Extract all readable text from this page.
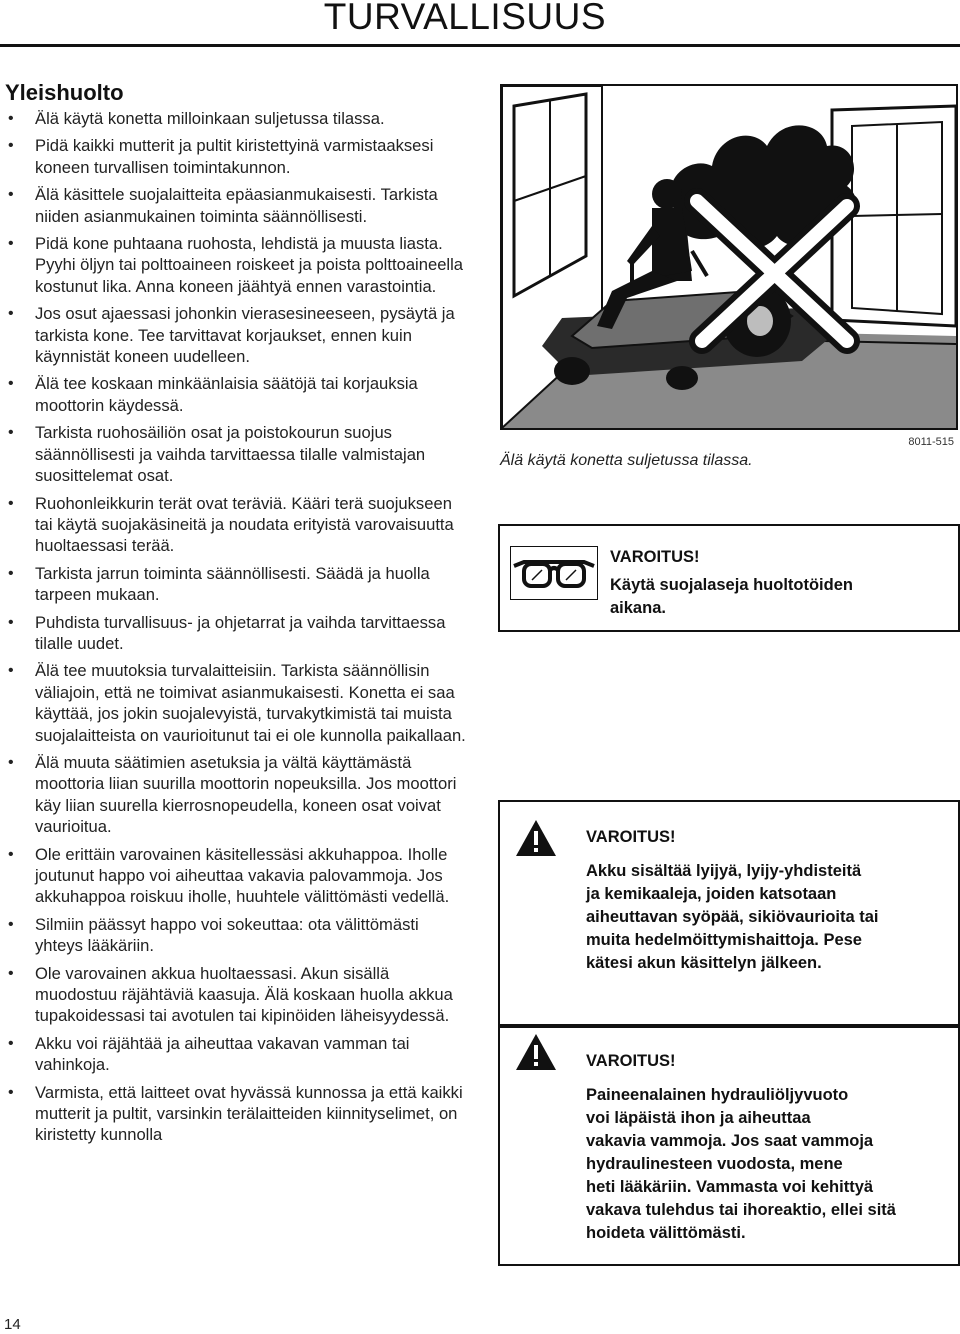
TURVALLISUUS
Yleishuolto
• Älä käytä konetta milloinkaan suljetussa tilassa.
• Pidä kaikki mutterit ja pultit kiristettyinä varmistaaksesi koneen turvallisen toimintakunnon.
• Älä käsittele suojalaitteita epäasianmukaisesti. Tarkista niiden asianmukainen toiminta säännöllisesti.
• Pidä kone puhtaana ruohosta, lehdistä ja muusta liasta. Pyyhi öljyn tai polttoaineen roiskeet ja poista polttoaineella kostunut lika. Anna koneen jäähtyä ennen varastointia.
• Jos osut ajaessasi johonkin vierasesineeseen, pysäytä ja tarkista kone. Tee tarvittavat korjaukset, ennen kuin käynnistät koneen uudelleen.
• Älä tee koskaan minkäänlaisia säätöjä tai korjauksia moottorin käydessä.
• Tarkista ruohosäiliön osat ja poistokourun suojus säännöllisesti ja vaihda tarvittaessa tilalle valmistajan suosittelemat osat.
• Ruohonleikkurin terät ovat teräviä. Kääri terä suojukseen tai käytä suojakäsineitä ja noudata erityistä varovaisuutta huoltaessasi terää.
• Tarkista jarrun toiminta säännöllisesti. Säädä ja huolla tarpeen mukaan.
• Puhdista turvallisuus- ja ohjetarrat ja vaihda tarvittaessa tilalle uudet.
• Älä tee muutoksia turvalaitteisiin. Tarkista säännöllisin väliajoin, että ne toimivat asianmukaisesti. Konetta ei saa käyttää, jos jokin suojalevyistä, turvakytkimistä tai muista suojalaitteista on vaurioitunut tai ei ole kunnolla paikallaan.
• Älä muuta säätimien asetuksia ja vältä käyttämästä moottoria liian suurilla moottorin nopeuksilla. Jos moottori käy liian suurella kierrosnopeudella, koneen osat voivat vaurioitua.
• Ole erittäin varovainen käsitellessäsi akkuhappoa. Iholle joutunut happo voi aiheuttaa vakavia palovammoja. Jos akkuhappoa roiskuu iholle, huuhtele välittömästi vedellä.
• Silmiin päässyt happo voi sokeuttaa: ota välittömästi yhteys lääkäriin.
• Ole varovainen akkua huoltaessasi. Akun sisällä muodostuu räjähtäviä kaasuja. Älä koskaan huolla akkua tupakoidessasi tai avotulen tai kipinöiden läheisyydessä.
• Akku voi räjähtää ja aiheuttaa vakavan vamman tai vahinkoja.
• Varmista, että laitteet ovat hyvässä kunnossa ja että kaikki mutterit ja pultit, varsinkin terälaitteiden kiinnityselimet, on kiristetty kunnolla
Älä käytä konetta suljetussa tilassa.
8011-515
VAROITUS!
Käytä suojalaseja huoltotöiden
aikana.
VAROITUS!
Akku sisältää lyijyä, lyijy-yhdisteitä
ja kemikaaleja, joiden katsotaan
aiheuttavan syöpää, sikiövaurioita tai
muita hedelmöittymishaittoja. Pese
kätesi akun käsittelyn jälkeen.
VAROITUS!
Paineenalainen hydrauliöljyvuoto
voi läpäistä ihon ja aiheuttaa
vakavia vammoja. Jos saat vammoja
hydraulinesteen vuodosta, mene
heti lääkäriin. Vammasta voi kehittyä
vakava tulehdus tai ihoreaktio, ellei sitä
hoideta välittömästi.
14
